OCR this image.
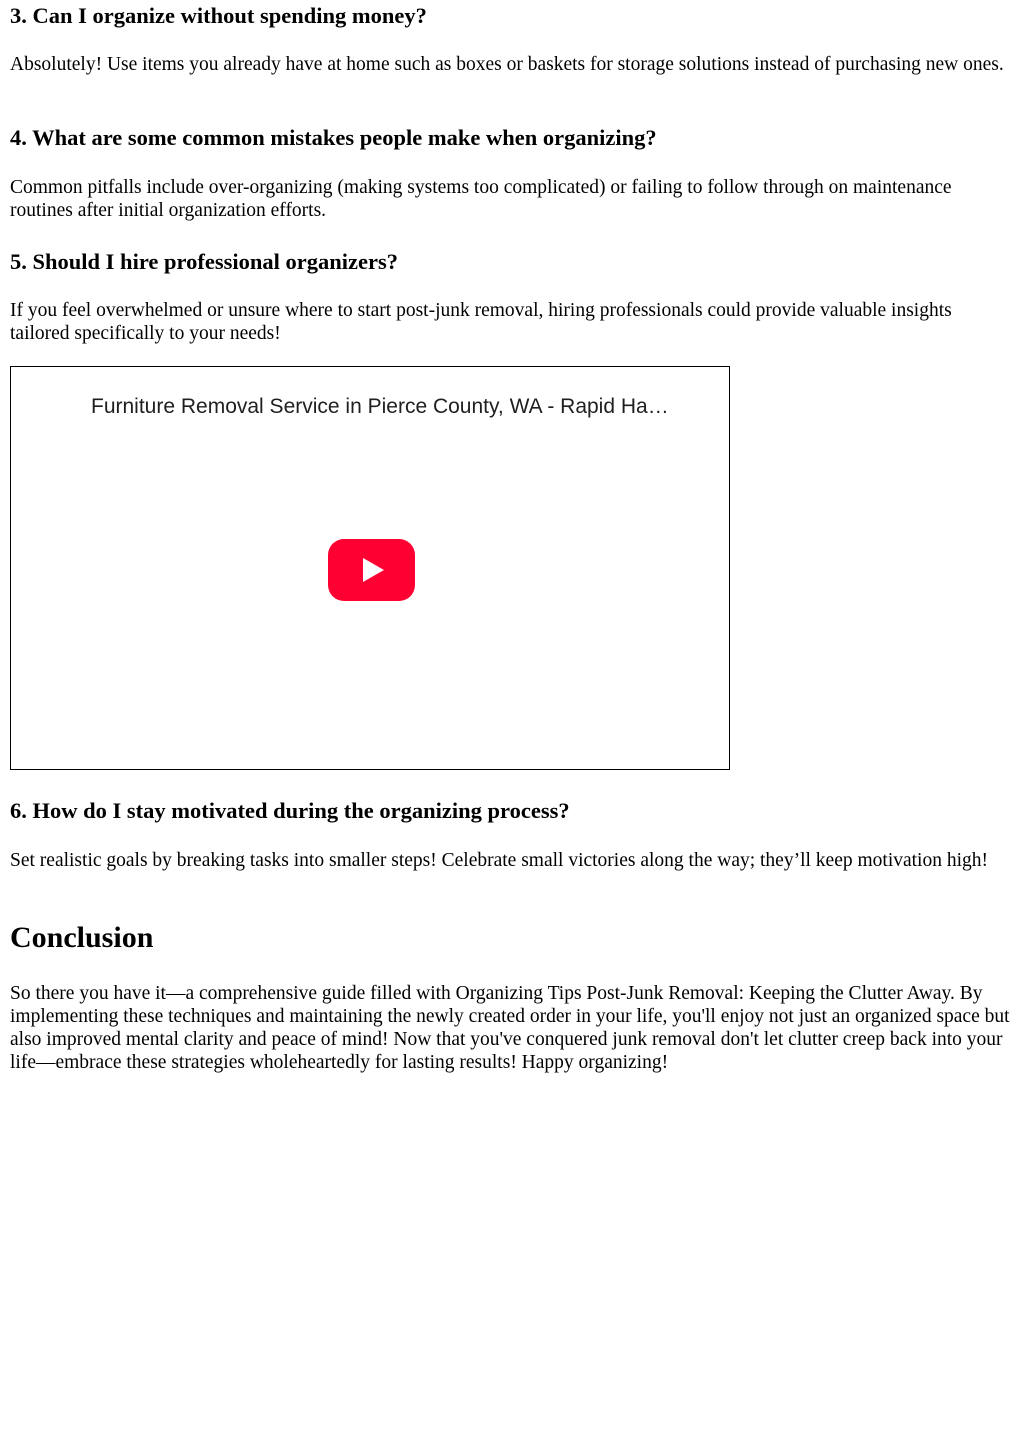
3. Can I organize without spending money?

Absolutely! Use items you already have at home such as boxes or baskets for storage solutions instead of purchasing new ones.

4. What are some common mistakes people make when organizing?

Common pitfalls include over-organizing (making systems too complicated) or failing to follow through on maintenance routines after initial organization efforts.

5. Should I hire professional organizers?

If you feel overwhelmed or unsure where to start post-junk removal, hiring professionals could provide valuable insights tailored specifically to your needs!

Furniture Removal Service in Pierce County, WA - Rapid Ha…
6. How do I stay motivated during the organizing process?

Set realistic goals by breaking tasks into smaller steps! Celebrate small victories along the way; they’ll keep motivation high!

Conclusion

So there you have it—a comprehensive guide filled with Organizing Tips Post-Junk Removal: Keeping the Clutter Away. By implementing these techniques and maintaining the newly created order in your life, you'll enjoy not just an organized space but also improved mental clarity and peace of mind! Now that you've conquered junk removal don't let clutter creep back into your life—embrace these strategies wholeheartedly for lasting results! Happy organizing!
